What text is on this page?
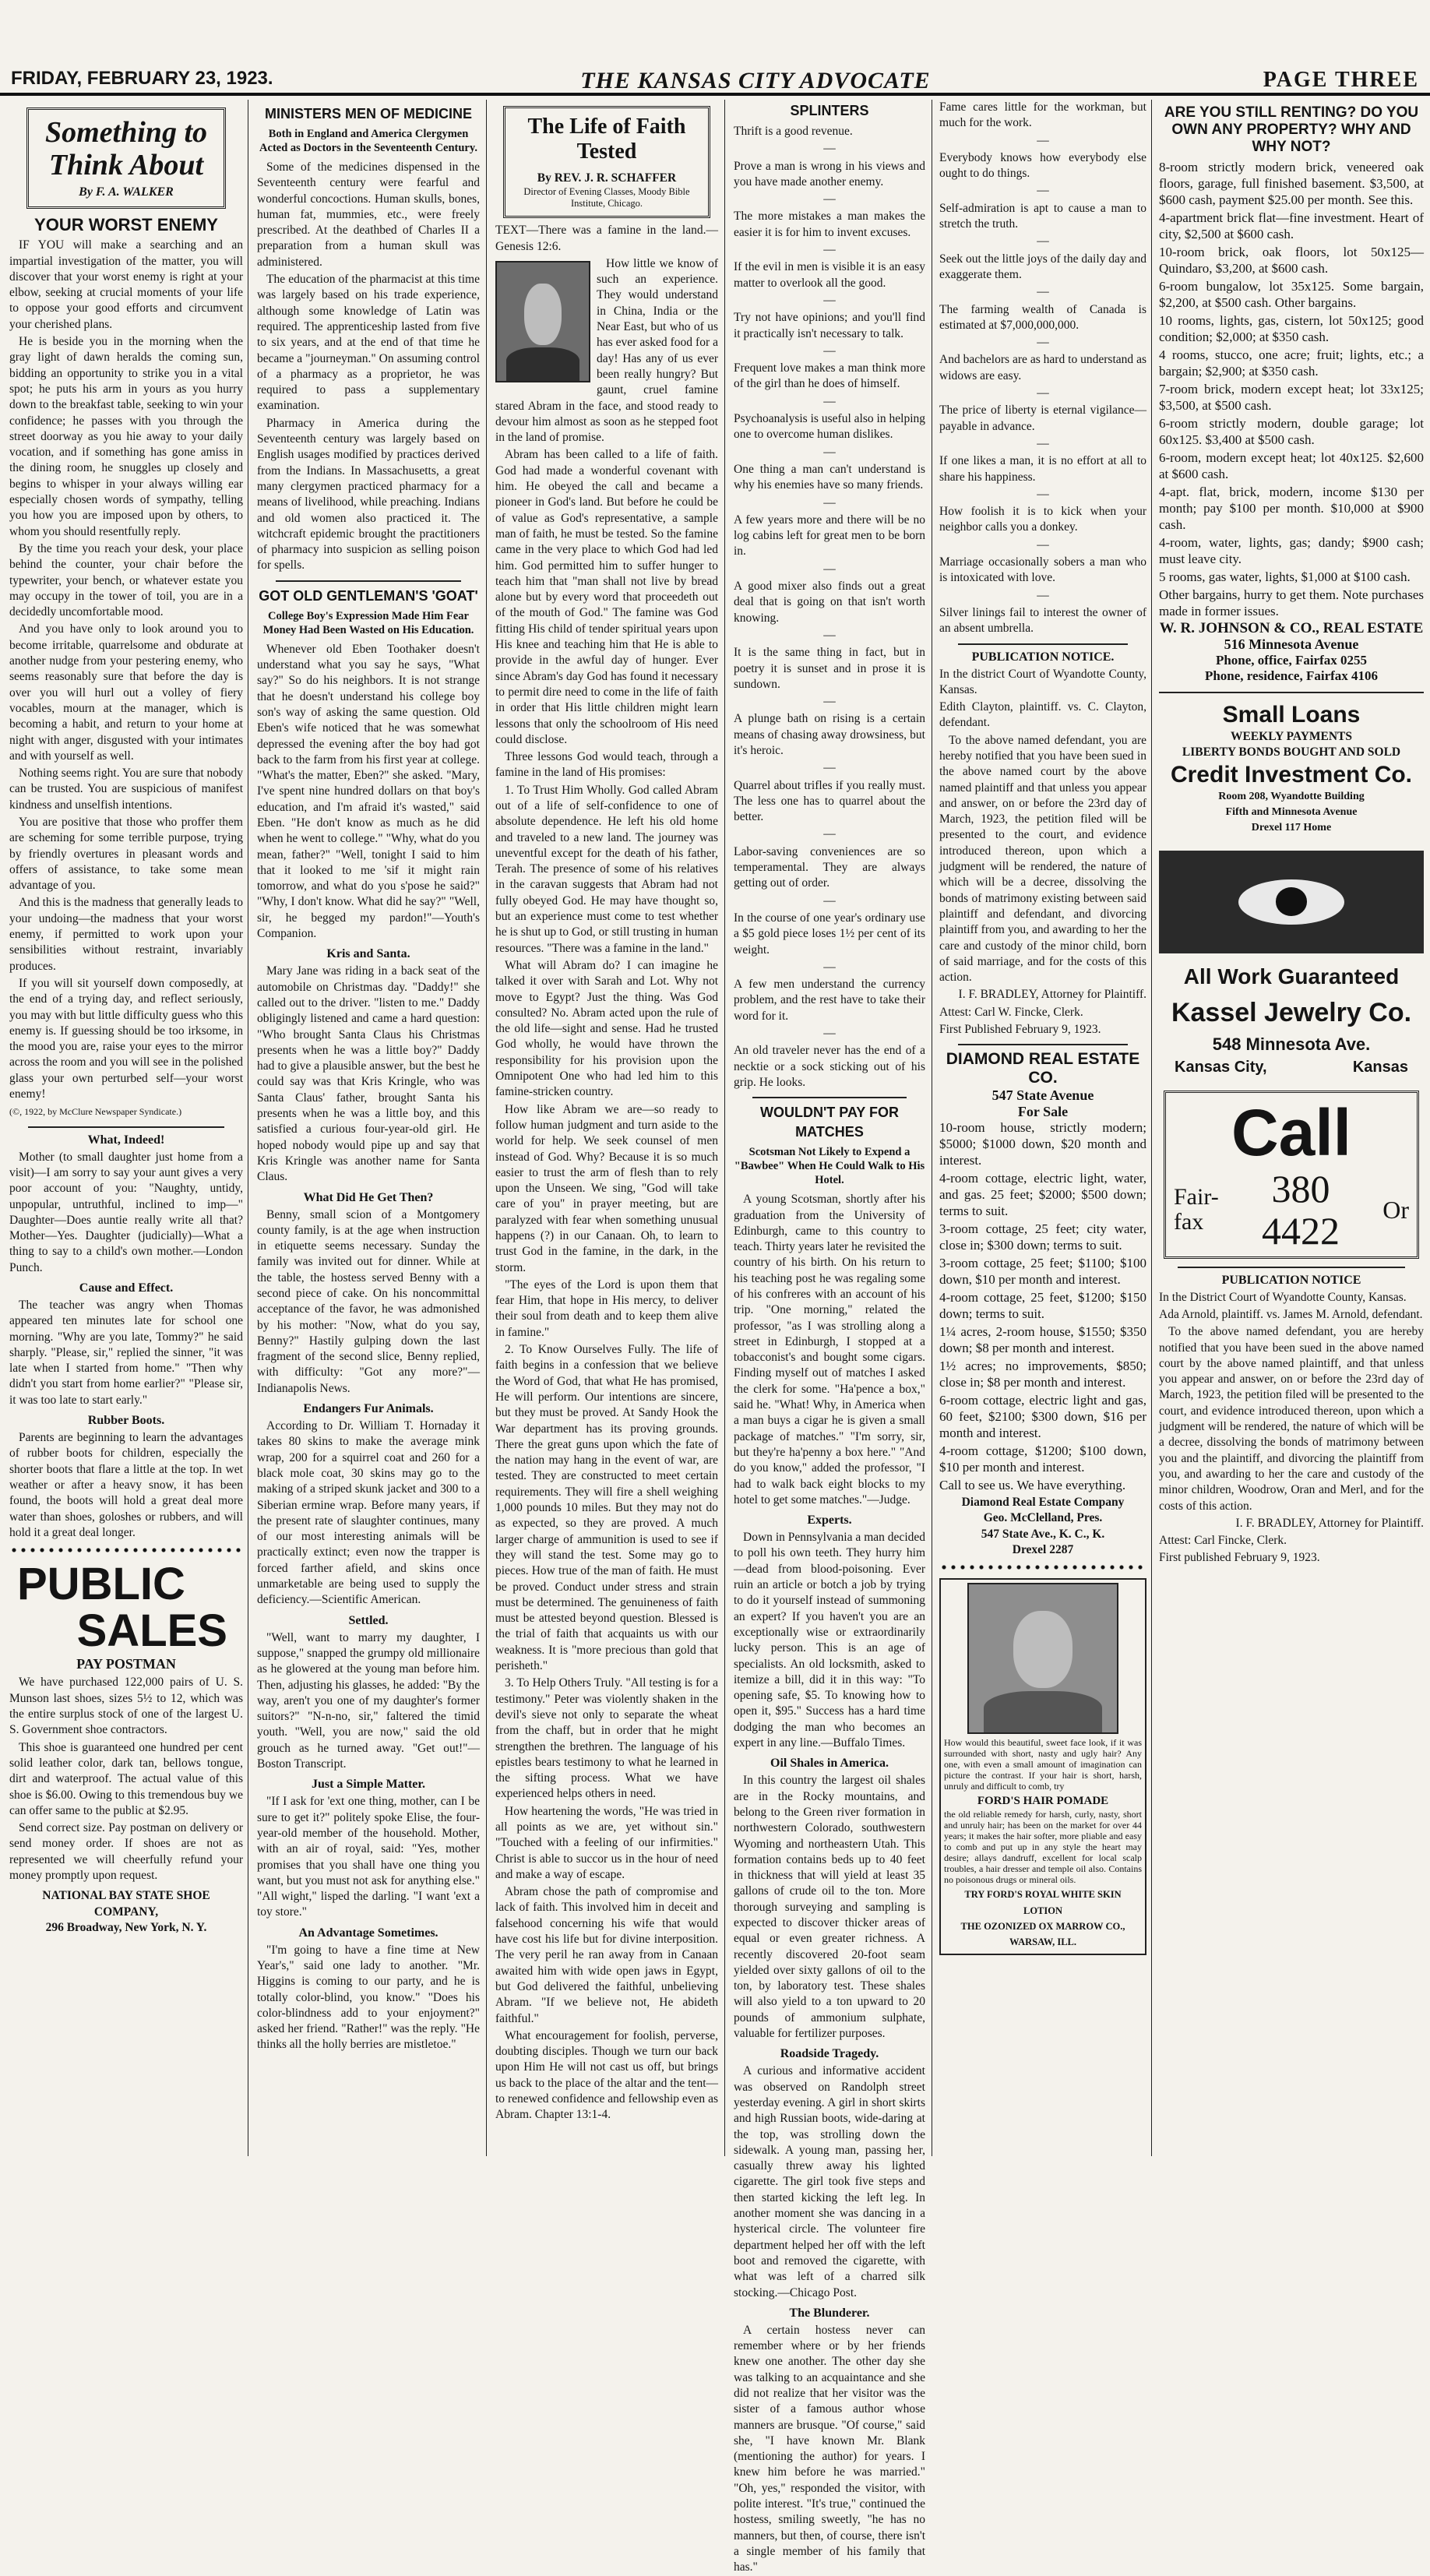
FRIDAY, FEBRUARY 23, 1923.	THE KANSAS CITY ADVOCATE	PAGE THREE
Something to Think About
By F. A. WALKER
YOUR WORST ENEMY

IF YOU will make a searching and an impartial investigation of the matter, you will discover that your worst enemy is right at your elbow, seeking at crucial moments of your life to oppose your good efforts and circumvent your cherished plans.

He is beside you in the morning when the gray light of dawn heralds the coming sun, bidding an opportunity to strike you in a vital spot; he puts his arm in yours as you hurry down to the breakfast table, seeking to win your confidence; he passes with you through the street doorway as you hie away to your daily vocation, and if something has gone amiss in the dining room, he snuggles up closely and begins to whisper in your always willing ear especially chosen words of sympathy, telling you how you are imposed upon by others, to whom you should resentfully reply.

By the time you reach your desk, your place behind the counter, your chair before the typewriter, your bench, or whatever estate you may occupy in the tower of toil, you are in a decidedly uncomfortable mood.

And you have only to look around you to become irritable, quarrelsome and obdurate at another nudge from your pestering enemy, who seems reasonably sure that before the day is over you will hurl out a volley of fiery vocables, mourn at the manager, which is becoming a habit, and return to your home at night with anger, disgusted with your intimates and with yourself as well.

Nothing seems right. You are sure that nobody can be trusted. You are suspicious of manifest kindness and unselfish intentions.

You are positive that those who proffer them are scheming for some terrible purpose, trying by friendly overtures in pleasant words and offers of assistance, to take some mean advantage of you.

And this is the madness that generally leads to your undoing—the madness that your worst enemy, if permitted to work upon your sensibilities without restraint, invariably produces.

If you will sit yourself down composedly, at the end of a trying day, and reflect seriously, you may with but little difficulty guess who this enemy is. If guessing should be too irksome, in the mood you are, raise your eyes to the mirror across the room and you will see in the polished glass your own perturbed self—your worst enemy!

(©, 1922, by McClure Newspaper Syndicate.)

What, Indeed!

Mother (to small daughter just home from a visit)—I am sorry to say your aunt gives a very poor account of you: "Naughty, untidy, unpopular, untruthful, inclined to imp—" Daughter—Does auntie really write all that? Mother—Yes. Daughter (judicially)—What a thing to say to a child's own mother.—London Punch.

Cause and Effect.

The teacher was angry when Thomas appeared ten minutes late for school one morning. "Why are you late, Tommy?" he said sharply. "Please, sir," replied the sinner, "it was late when I started from home." "Then why didn't you start from home earlier?" "Please sir, it was too late to start early."

Rubber Boots.

Parents are beginning to learn the advantages of rubber boots for children, especially the shorter boots that flare a little at the top. In wet weather or after a heavy snow, it has been found, the boots will hold a great deal more water than shoes, goloshes or rubbers, and will hold it a great deal longer.

PUBLIC
SALES
PAY POSTMAN

We have purchased 122,000 pairs of U. S. Munson last shoes, sizes 5½ to 12, which was the entire surplus stock of one of the largest U. S. Government shoe contractors.

This shoe is guaranteed one hundred per cent solid leather color, dark tan, bellows tongue, dirt and waterproof. The actual value of this shoe is $6.00. Owing to this tremendous buy we can offer same to the public at $2.95.

Send correct size. Pay postman on delivery or send money order. If shoes are not as represented we will cheerfully refund your money promptly upon request.

NATIONAL BAY STATE SHOE COMPANY,
296 Broadway, New York, N. Y.
MINISTERS MEN OF MEDICINE
Both in England and America Clergymen Acted as Doctors in the Seventeenth Century.

Some of the medicines dispensed in the Seventeenth century were fearful and wonderful concoctions. Human skulls, bones, human fat, mummies, etc., were freely prescribed. At the deathbed of Charles II a preparation from a human skull was administered.

The education of the pharmacist at this time was largely based on his trade experience, although some knowledge of Latin was required. The apprenticeship lasted from five to six years, and at the end of that time he became a "journeyman." On assuming control of a pharmacy as a proprietor, he was required to pass a supplementary examination.

Pharmacy in America during the Seventeenth century was largely based on English usages modified by practices derived from the Indians. In Massachusetts, a great many clergymen practiced pharmacy for a means of livelihood, while preaching. Indians and old women also practiced it. The witchcraft epidemic brought the practitioners of pharmacy into suspicion as selling poison for spells.

GOT OLD GENTLEMAN'S 'GOAT'
College Boy's Expression Made Him Fear Money Had Been Wasted on His Education.

Whenever old Eben Toothaker doesn't understand what you say he says, "What say?" So do his neighbors. It is not strange that he doesn't understand his college boy son's way of asking the same question. Old Eben's wife noticed that he was somewhat depressed the evening after the boy had got back to the farm from his first year at college. "What's the matter, Eben?" she asked. "Mary, I've spent nine hundred dollars on that boy's education, and I'm afraid it's wasted," said Eben. "He don't know as much as he did when he went to college." "Why, what do you mean, father?" "Well, tonight I said to him that it looked to me 'sif it might rain tomorrow, and what do you s'pose he said?" "Why, I don't know. What did he say?" "Well, sir, he begged my pardon!"—Youth's Companion.

Kris and Santa.

Mary Jane was riding in a back seat of the automobile on Christmas day. "Daddy!" she called out to the driver. "listen to me." Daddy obligingly listened and came a hard question: "Who brought Santa Claus his Christmas presents when he was a little boy?" Daddy had to give a plausible answer, but the best he could say was that Kris Kringle, who was Santa Claus' father, brought Santa his presents when he was a little boy, and this satisfied a curious four-year-old girl. He hoped nobody would pipe up and say that Kris Kringle was another name for Santa Claus.

What Did He Get Then?

Benny, small scion of a Montgomery county family, is at the age when instruction in etiquette seems necessary. Sunday the family was invited out for dinner. While at the table, the hostess served Benny with a second piece of cake. On his noncommittal acceptance of the favor, he was admonished by his mother: "Now, what do you say, Benny?" Hastily gulping down the last fragment of the second slice, Benny replied, with difficulty: "Got any more?"—Indianapolis News.

Endangers Fur Animals.

According to Dr. William T. Hornaday it takes 80 skins to make the average mink wrap, 200 for a squirrel coat and 260 for a black mole coat, 30 skins may go to the making of a striped skunk jacket and 300 to a Siberian ermine wrap. Before many years, if the present rate of slaughter continues, many of our most interesting animals will be practically extinct; even now the trapper is forced farther afield, and skins once unmarketable are being used to supply the deficiency.—Scientific American.

Settled.

"Well, want to marry my daughter, I suppose," snapped the grumpy old millionaire as he glowered at the young man before him. Then, adjusting his glasses, he added: "By the way, aren't you one of my daughter's former suitors?" "N-n-no, sir," faltered the timid youth. "Well, you are now," said the old grouch as he turned away. "Get out!"—Boston Transcript.

Just a Simple Matter.

"If I ask for 'ext one thing, mother, can I be sure to get it?" politely spoke Elise, the four-year-old member of the household. Mother, with an air of royal, said: "Yes, mother promises that you shall have one thing you want, but you must not ask for anything else." "All wight," lisped the darling. "I want 'ext a toy store."

An Advantage Sometimes.

"I'm going to have a fine time at New Year's," said one lady to another. "Mr. Higgins is coming to our party, and he is totally color-blind, you know." "Does his color-blindness add to your enjoyment?" asked her friend. "Rather!" was the reply. "He thinks all the holly berries are mistletoe."

The Life of Faith Tested
By REV. J. R. SCHAFFER
Director of Evening Classes, Moody Bible Institute, Chicago.

TEXT—There was a famine in the land.—Genesis 12:6.

How little we know of such an experience. They would understand in China, India or the Near East, but who of us has ever asked food for a day! Has any of us ever been really hungry? But gaunt, cruel famine stared Abram in the face, and stood ready to devour him almost as soon as he stepped foot in the land of promise.

Abram has been called to a life of faith. God had made a wonderful covenant with him. He obeyed the call and became a pioneer in God's land. But before he could be of value as God's representative, a sample man of faith, he must be tested. So the famine came in the very place to which God had led him. God permitted him to suffer hunger to teach him that "man shall not live by bread alone but by every word that proceedeth out of the mouth of God." The famine was God fitting His child of tender spiritual years upon His knee and teaching him that He is able to provide in the awful day of hunger. Ever since Abram's day God has found it necessary to permit dire need to come in the life of faith in order that His little children might learn lessons that only the schoolroom of His need could disclose.

Three lessons God would teach, through a famine in the land of His promises:

1. To Trust Him Wholly. God called Abram out of a life of self-confidence to one of absolute dependence. He left his old home and traveled to a new land. The journey was uneventful except for the death of his father, Terah. The presence of some of his relatives in the caravan suggests that Abram had not fully obeyed God. He may have thought so, but an experience must come to test whether he is shut up to God, or still trusting in human resources. "There was a famine in the land."

What will Abram do? I can imagine he talked it over with Sarah and Lot. Why not move to Egypt? Just the thing. Was God consulted? No. Abram acted upon the rule of the old life—sight and sense. Had he trusted God wholly, he would have thrown the responsibility for his provision upon the Omnipotent One who had led him to this famine-stricken country.

How like Abram we are—so ready to follow human judgment and turn aside to the world for help. We seek counsel of men instead of God. Why? Because it is so much easier to trust the arm of flesh than to rely upon the Unseen. We sing, "God will take care of you" in prayer meeting, but are paralyzed with fear when something unusual happens (?) in our Canaan. Oh, to learn to trust God in the famine, in the dark, in the storm.

"The eyes of the Lord is upon them that fear Him, that hope in His mercy, to deliver their soul from death and to keep them alive in famine."

2. To Know Ourselves Fully. The life of faith begins in a confession that we believe the Word of God, that what He has promised, He will perform. Our intentions are sincere, but they must be proved. At Sandy Hook the War department has its proving grounds. There the great guns upon which the fate of the nation may hang in the event of war, are tested. They are constructed to meet certain requirements. They will fire a shell weighing 1,000 pounds 10 miles. But they may not do as expected, so they are proved. A much larger charge of ammunition is used to see if they will stand the test. Some may go to pieces. How true of the man of faith. He must be proved. Conduct under stress and strain must be determined. The genuineness of faith must be attested beyond question. Blessed is the trial of faith that acquaints us with our weakness. It is "more precious than gold that perisheth."

3. To Help Others Truly. "All testing is for a testimony." Peter was violently shaken in the devil's sieve not only to separate the wheat from the chaff, but in order that he might strengthen the brethren. The language of his epistles bears testimony to what he learned in the sifting process. What we have experienced helps others in need.

How heartening the words, "He was tried in all points as we are, yet without sin." "Touched with a feeling of our infirmities." Christ is able to succor us in the hour of need and make a way of escape.

Abram chose the path of compromise and lack of faith. This involved him in deceit and falsehood concerning his wife that would have cost his life but for divine interposition. The very peril he ran away from in Canaan awaited him with wide open jaws in Egypt, but God delivered the faithful, unbelieving Abram. "If we believe not, He abideth faithful."

What encouragement for foolish, perverse, doubting disciples. Though we turn our back upon Him He will not cast us off, but brings us back to the place of the altar and the tent—to renewed confidence and fellowship even as Abram. Chapter 13:1-4.

SPLINTERS

Thrift is a good revenue.

—

Prove a man is wrong in his views and you have made another enemy.

—

The more mistakes a man makes the easier it is for him to invent excuses.

—

If the evil in men is visible it is an easy matter to overlook all the good.

—

Try not have opinions; and you'll find it practically isn't necessary to talk.

—

Frequent love makes a man think more of the girl than he does of himself.

—

Psychoanalysis is useful also in helping one to overcome human dislikes.

—

One thing a man can't understand is why his enemies have so many friends.

—

A few years more and there will be no log cabins left for great men to be born in.

—

A good mixer also finds out a great deal that is going on that isn't worth knowing.

—

It is the same thing in fact, but in poetry it is sunset and in prose it is sundown.

—

A plunge bath on rising is a certain means of chasing away drowsiness, but it's heroic.

—

Quarrel about trifles if you really must. The less one has to quarrel about the better.

—

Labor-saving conveniences are so temperamental. They are always getting out of order.

—

In the course of one year's ordinary use a $5 gold piece loses 1½ per cent of its weight.

—

A few men understand the currency problem, and the rest have to take their word for it.

—

An old traveler never has the end of a necktie or a sock sticking out of his grip. He looks.

WOULDN'T PAY FOR MATCHES
Scotsman Not Likely to Expend a "Bawbee" When He Could Walk to His Hotel.

A young Scotsman, shortly after his graduation from the University of Edinburgh, came to this country to teach. Thirty years later he revisited the country of his birth. On his return to his teaching post he was regaling some of his confreres with an account of his trip. "One morning," related the professor, "as I was strolling along a street in Edinburgh, I stopped at a tobacconist's and bought some cigars. Finding myself out of matches I asked the clerk for some. "Ha'pence a box," said he. "What! Why, in America when a man buys a cigar he is given a small package of matches." "I'm sorry, sir, but they're ha'penny a box here." "And do you know," added the professor, "I had to walk back eight blocks to my hotel to get some matches."—Judge.

Experts.

Down in Pennsylvania a man decided to poll his own teeth. They hurry him—dead from blood-poisoning. Ever ruin an article or botch a job by trying to do it yourself instead of summoning an expert? If you haven't you are an exceptionally wise or extraordinarily lucky person. This is an age of specialists. An old locksmith, asked to itemize a bill, did it in this way: "To opening safe, $5. To knowing how to open it, $95." Success has a hard time dodging the man who becomes an expert in any line.—Buffalo Times.

Oil Shales in America.

In this country the largest oil shales are in the Rocky mountains, and belong to the Green river formation in northwestern Colorado, southwestern Wyoming and northeastern Utah. This formation contains beds up to 40 feet in thickness that will yield at least 35 gallons of crude oil to the ton. More thorough surveying and sampling is expected to discover thicker areas of equal or even greater richness. A recently discovered 20-foot seam yielded over sixty gallons of oil to the ton, by laboratory test. These shales will also yield to a ton upward to 20 pounds of ammonium sulphate, valuable for fertilizer purposes.

Roadside Tragedy.

A curious and informative accident was observed on Randolph street yesterday evening. A girl in short skirts and high Russian boots, wide-daring at the top, was strolling down the sidewalk. A young man, passing her, casually threw away his lighted cigarette. The girl took five steps and then started kicking the left leg. In another moment she was dancing in a hysterical circle. The volunteer fire department helped her off with the left boot and removed the cigarette, with what was left of a charred silk stocking.—Chicago Post.

The Blunderer.

A certain hostess never can remember where or by her friends knew one another. The other day she was talking to an acquaintance and she did not realize that her visitor was the sister of a famous author whose manners are brusque. "Of course," said she, "I have known Mr. Blank (mentioning the author) for years. I knew him before he was married." "Oh, yes," responded the visitor, with polite interest. "It's true," continued the hostess, smiling sweetly, "he has no manners, but then, of course, there isn't a single member of his family that has."

Fame cares little for the workman, but much for the work.

—

Everybody knows how everybody else ought to do things.

—

Self-admiration is apt to cause a man to stretch the truth.

—

Seek out the little joys of the daily day and exaggerate them.

—

The farming wealth of Canada is estimated at $7,000,000,000.

—

And bachelors are as hard to understand as widows are easy.

—

The price of liberty is eternal vigilance—payable in advance.

—

If one likes a man, it is no effort at all to share his happiness.

—

How foolish it is to kick when your neighbor calls you a donkey.

—

Marriage occasionally sobers a man who is intoxicated with love.

—

Silver linings fail to interest the owner of an absent umbrella.

PUBLICATION NOTICE.

In the district Court of Wyandotte County, Kansas.

Edith Clayton, plaintiff. vs. C. Clayton, defendant.

To the above named defendant, you are hereby notified that you have been sued in the above named court by the above named plaintiff and that unless you appear and answer, on or before the 23rd day of March, 1923, the petition filed will be presented to the court, and evidence introduced thereon, upon which a judgment will be rendered, the nature of which will be a decree, dissolving the bonds of matrimony existing between said plaintiff and defendant, and divorcing plaintiff from you, and awarding to her the care and custody of the minor child, born of said marriage, and for the costs of this action.

I. F. BRADLEY, Attorney for Plaintiff.

Attest: Carl W. Fincke, Clerk.

First Published February 9, 1923.

DIAMOND REAL ESTATE CO.
547 State Avenue
For Sale

10-room house, strictly modern; $5000; $1000 down, $20 month and interest.

4-room cottage, electric light, water, and gas. 25 feet; $2000; $500 down; terms to suit.

3-room cottage, 25 feet; city water, close in; $300 down; terms to suit.

3-room cottage, 25 feet; $1100; $100 down, $10 per month and interest.

4-room cottage, 25 feet, $1200; $150 down; terms to suit.

1¼ acres, 2-room house, $1550; $350 down; $8 per month and interest.

1½ acres; no improvements, $850; close in; $8 per month and interest.

6-room cottage, electric light and gas, 60 feet, $2100; $300 down, $16 per month and interest.

4-room cottage, $1200; $100 down, $10 per month and interest.

Call to see us. We have everything.

Diamond Real Estate Company
Geo. McClelland, Pres.
547 State Ave., K. C., K.
Drexel 2287

How would this beautiful, sweet face look, if it was surrounded with short, nasty and ugly hair? Any one, with even a small amount of imagination can picture the contrast. If your hair is short, harsh, unruly and difficult to comb, try

FORD'S HAIR POMADE

the old reliable remedy for harsh, curly, nasty, short and unruly hair; has been on the market for over 44 years; it makes the hair softer, more pliable and easy to comb and put up in any style the heart may desire; allays dandruff, excellent for local scalp troubles, a hair dresser and temple oil also. Contains no poisonous drugs or mineral oils.

TRY FORD'S ROYAL WHITE SKIN LOTION
THE OZONIZED OX MARROW CO., WARSAW, ILL.
ARE YOU STILL RENTING? DO YOU OWN ANY PROPERTY? WHY AND WHY NOT?

8-room strictly modern brick, veneered oak floors, garage, full finished basement. $3,500, at $600 cash, payment $25.00 per month. See this.

4-apartment brick flat—fine investment. Heart of city, $2,500 at $600 cash.

10-room brick, oak floors, lot 50x125—Quindaro, $3,200, at $600 cash.

6-room bungalow, lot 35x125. Some bargain, $2,200, at $500 cash. Other bargains.

10 rooms, lights, gas, cistern, lot 50x125; good condition; $2,000; at $350 cash.

4 rooms, stucco, one acre; fruit; lights, etc.; a bargain; $2,900; at $350 cash.

7-room brick, modern except heat; lot 33x125; $3,500, at $500 cash.

6-room strictly modern, double garage; lot 60x125. $3,400 at $500 cash.

6-room, modern except heat; lot 40x125. $2,600 at $600 cash.

4-apt. flat, brick, modern, income $130 per month; pay $100 per month. $10,000 at $900 cash.

4-room, water, lights, gas; dandy; $900 cash; must leave city.

5 rooms, gas water, lights, $1,000 at $100 cash.

Other bargains, hurry to get them. Note purchases made in former issues.

W. R. JOHNSON & CO., REAL ESTATE
516 Minnesota Avenue
Phone, office, Fairfax 0255
Phone, residence, Fairfax 4106
Small Loans
WEEKLY PAYMENTS
LIBERTY BONDS BOUGHT AND SOLD
Credit Investment Co.
Room 208, Wyandotte Building
Fifth and Minnesota Avenue
Drexel 117 Home
All Work Guaranteed
Kassel Jewelry Co.
548 Minnesota Ave.
Kansas City,	Kansas
Call
Fair-
fax
380
4422 Or
PUBLICATION NOTICE

In the District Court of Wyandotte County, Kansas.

Ada Arnold, plaintiff. vs. James M. Arnold, defendant.

To the above named defendant, you are hereby notified that you have been sued in the above named court by the above named plaintiff, and that unless you appear and answer, on or before the 23rd day of March, 1923, the petition filed will be presented to the court, and evidence introduced thereon, upon which a judgment will be rendered, the nature of which will be a decree, dissolving the bonds of matrimony between you and the plaintiff, and divorcing the plaintiff from you, and awarding to her the care and custody of the minor children, Woodrow, Oran and Merl, and for the costs of this action.

I. F. BRADLEY, Attorney for Plaintiff.

Attest: Carl Fincke, Clerk.

First published February 9, 1923.
